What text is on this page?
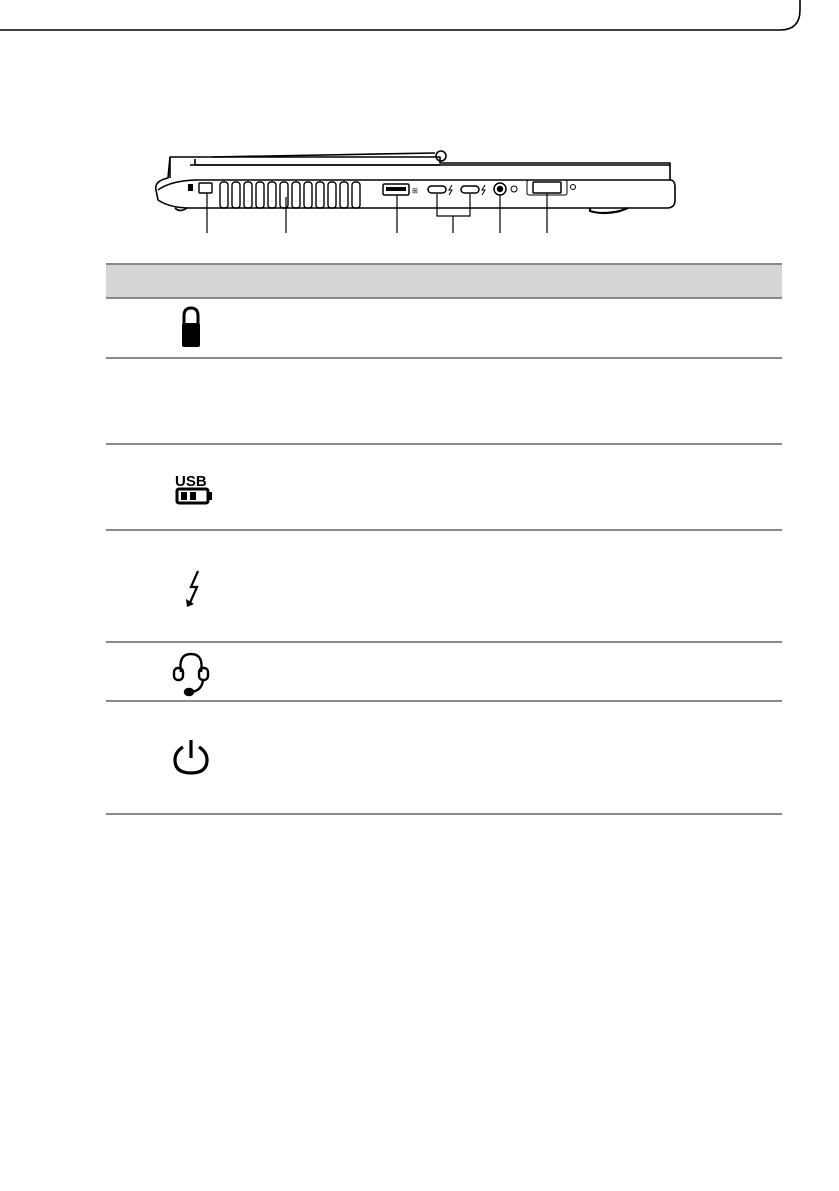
⊞
USB
